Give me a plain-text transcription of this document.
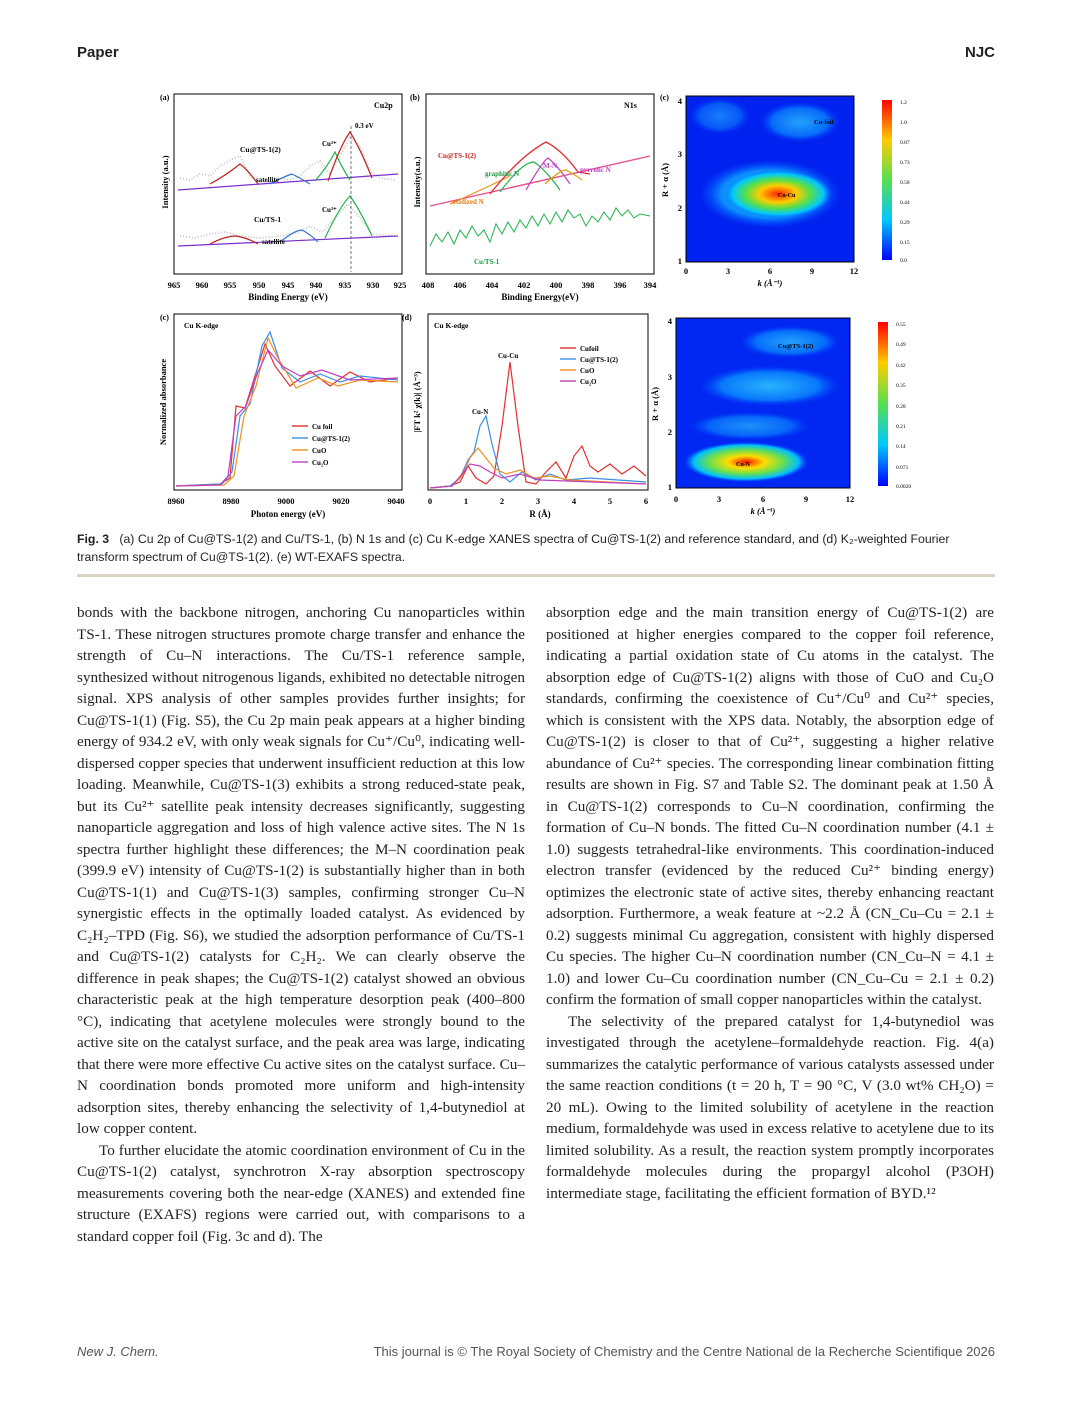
Paper	NJC
(a)
Cu2p
Cu@TS-1(2)
satellite
Cu²⁺
0.3 eV
Cu/TS-1
satellite
Cu²⁺
Intensity (a.u.)
965 960 955 950 945 940 935 930 925
Binding Energy (eV)
(b)
N1s
Cu@TS-1(2)
graphitic N
M-N	pyrrolic N
oxidized N
Cu/TS-1
Intensity(a.u.)
408 406 404 402 400 398 396 394
Binding Energy(eV)
(c)
Cu-foil
Cu-Cu
R + α (Å)
1
2
3
4
0	3	6	9	12
k (Å⁻¹)
1.2
1.0
0.87
0.73
0.58
0.44
0.29
0.15
0.0
(c)
Cu K-edge
Cu foil
Cu@TS-1(2)
CuO
Cu₂O
Normalized absorbance
8960	8980	9000	9020	9040
Photon energy (eV)
(d)
Cu K-edge
Cu-Cu
Cu-N
Cufoil
Cu@TS-1(2)
CuO
Cu₂O
|FT k² χ(k)| (Å⁻³)
0	1	2	3	4	5	6
R (Å)
Cu@TS-1(2)
Cu-N
R + α (Å)
1
2
3
4
0	3	6	9	12
k (Å⁻¹)
0.55
0.49
0.42
0.35
0.28
0.21
0.14
0.071
0.0020
Fig. 3 (a) Cu 2p of Cu@TS-1(2) and Cu/TS-1, (b) N 1s and (c) Cu K-edge XANES spectra of Cu@TS-1(2) and reference standard, and (d) K₂-weighted Fourier transform spectrum of Cu@TS-1(2). (e) WT-EXAFS spectra.

bonds with the backbone nitrogen, anchoring Cu nanoparticles within TS-1. These nitrogen structures promote charge transfer and enhance the strength of Cu–N interactions. The Cu/TS-1 reference sample, synthesized without nitrogenous ligands, exhibited no detectable nitrogen signal. XPS analysis of other samples provides further insights; for Cu@TS-1(1) (Fig. S5), the Cu 2p main peak appears at a higher binding energy of 934.2 eV, with only weak signals for Cu⁺/Cu⁰, indicating well-dispersed copper species that underwent insufficient reduction at this low loading. Meanwhile, Cu@TS-1(3) exhibits a strong reduced-state peak, but its Cu²⁺ satellite peak intensity decreases significantly, suggesting nanoparticle aggregation and loss of high valence active sites. The N 1s spectra further highlight these differences; the M–N coordination peak (399.9 eV) intensity of Cu@TS-1(2) is substantially higher than in both Cu@TS-1(1) and Cu@TS-1(3) samples, confirming stronger Cu–N synergistic effects in the optimally loaded catalyst. As evidenced by C₂H₂–TPD (Fig. S6), we studied the adsorption performance of Cu/TS-1 and Cu@TS-1(2) catalysts for C₂H₂. We can clearly observe the difference in peak shapes; the Cu@TS-1(2) catalyst showed an obvious characteristic peak at the high temperature desorption peak (400–800 °C), indicating that acetylene molecules were strongly bound to the active site on the catalyst surface, and the peak area was large, indicating that there were more effective Cu active sites on the catalyst surface. Cu–N coordination bonds promoted more uniform and high-intensity adsorption sites, thereby enhancing the selectivity of 1,4-butynediol at low copper content.

To further elucidate the atomic coordination environment of Cu in the Cu@TS-1(2) catalyst, synchrotron X-ray absorption spectroscopy measurements covering both the near-edge (XANES) and extended fine structure (EXAFS) regions were carried out, with comparisons to a standard copper foil (Fig. 3c and d). The

absorption edge and the main transition energy of Cu@TS-1(2) are positioned at higher energies compared to the copper foil reference, indicating a partial oxidation state of Cu atoms in the catalyst. The absorption edge of Cu@TS-1(2) aligns with those of CuO and Cu₂O standards, confirming the coexistence of Cu⁺/Cu⁰ and Cu²⁺ species, which is consistent with the XPS data. Notably, the absorption edge of Cu@TS-1(2) is closer to that of Cu²⁺, suggesting a higher relative abundance of Cu²⁺ species. The corresponding linear combination fitting results are shown in Fig. S7 and Table S2. The dominant peak at 1.50 Å in Cu@TS-1(2) corresponds to Cu–N coordination, confirming the formation of Cu–N bonds. The fitted Cu–N coordination number (4.1 ± 1.0) suggests tetrahedral-like environments. This coordination-induced electron transfer (evidenced by the reduced Cu²⁺ binding energy) optimizes the electronic state of active sites, thereby enhancing reactant adsorption. Furthermore, a weak feature at ~2.2 Å (CN_Cu–Cu = 2.1 ± 0.2) suggests minimal Cu aggregation, consistent with highly dispersed Cu species. The higher Cu–N coordination number (CN_Cu–N = 4.1 ± 1.0) and lower Cu–Cu coordination number (CN_Cu–Cu = 2.1 ± 0.2) confirm the formation of small copper nanoparticles within the catalyst.

The selectivity of the prepared catalyst for 1,4-butynediol was investigated through the acetylene–formaldehyde reaction. Fig. 4(a) summarizes the catalytic performance of various catalysts assessed under the same reaction conditions (t = 20 h, T = 90 °C, V (3.0 wt% CH₂O) = 20 mL). Owing to the limited solubility of acetylene in the reaction medium, formaldehyde was used in excess relative to acetylene due to its limited solubility. As a result, the reaction system promptly incorporates formaldehyde molecules during the propargyl alcohol (P3OH) intermediate stage, facilitating the efficient formation of BYD.¹²

New J. Chem.	This journal is © The Royal Society of Chemistry and the Centre National de la Recherche Scientifique 2026
